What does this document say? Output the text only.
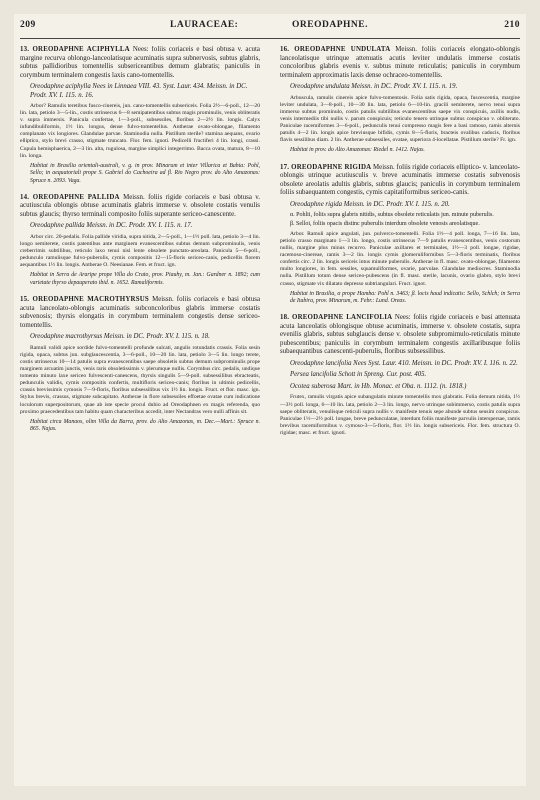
209	LAURACEAE:	OREODAPHNE.	210

13. OREODAPHNE ACIPHYLLA Nees: foliis coriaceis e basi obtusa v. acuta margine recurva oblongo-lanceolatisque acuminatis supra subnervosis, subtus glabris, subtus pallidioribus tomentellis subsericeantibus demum glabratis; paniculis in corymbum terminalem congestis laxis cano-tomentellis.

Oreodaphne aciphylla Nees in Linnaea VIII. 43. Syst. Laur. 434. Meissn. in DC. Prodr. XV. I. 115. n. 16.

Arbor? Ramulis teretibus fusco-cinereis, jun. cano-tomentellis subsericeis. Folia 2½—6-poll., 12—20 lin. lata, petiolo 3—5-lin., costis utrinsecus 6—8 semipatentibus subtus magis prominulis, venis obliteratis v. supra immersis. Panicula confertae, 1—3-poll., subsessiles, floribus 2—2½ lin. longis. Calyx infundibuliformis, 1½ lin. longus, dense fulvo-tomentellus. Antherae ovato-oblongae, filamento complanato vix longiores. Glandulae parvae. Staminodia nulla. Pistillum sterile? stamina aequans, ovario elliptico, stylo brevi crasso, stigmate truncato. Flor. fem. ignoti. Pedicelli fructiferi 4 lin. longi, crassi. Cupula hemisphaerica, 2—3 lin. alta, rugulosa, margine simplici integerrimo. Bacca ovata, matura, 8—10 lin. longa.

Habitat in Brasilia orientali-australi, v. g. in prov. Minarum et inter Villarica et Bahia: Pohl, Sello; in aequatoriali prope S. Gabriel do Cachoeira ad fl. Rio Negro prov. do Alto Amazonas: Spruce n. 2093. Vaga.

14. OREODAPHNE PALLIDA Meissn. foliis rigide coriaceis e basi obtusa v. acutiuscula oblongis obtuse acuminatis glabris immerse v. obsolete costatis venulis subtus glaucis; thyrso terminali composito foliis superante sericeo-canescente.

Oreodaphne pallida Meissn. in DC. Prodr. XV. I. 115. n. 17.

Arbor circ. 20-pedalis. Folia pallide viridia, supra nitida, 2—5-poll., 1—1½ poll. lata, petiolo 3—4 lin. longo semiterete, costis patentibus ante marginem evanescentibus subtus demum subprominulis, venis creberrimis subtilibus, reticulo laxo tenui nisi lente obsolete punctato-areolata. Panicula 5—6-poll., pedunculo ramulisque fulvo-puberulis, cymis compositis 12—15-floris sericeo-canis, pedicellis florem aequantibus 1½ lin. longis. Antherae O. Neesianae. Fem. et fruct. ign.

Habitat in Serra de Araripe prope Villa do Crato, prov. Piauhy, m. Jan.: Gardner n. 1892; cum varietate thyrso depauperato ibid. n. 1652. Ramaliformis.

15. OREODAPHNE MACROTHYRSUS Meissn. foliis coriaceis e basi obtusa acuta lanceolato-oblongis acuminatis subconcoloribus glabris immerse costatis subvenosis; thyrsis elongatis in corymbum terminalem congestis dense sericeo-tomentellis.

Oreodaphne macrothyrsus Meissn. in DC. Prodr. XV. I. 115. n. 18.

Ramuli validi apice sordide fulvo-tomentelli profunde sulcati, angulis rotundatis crassis. Folia sesin rigida, opaca, subtus jun. subglaucescentia, 3—6-poll., 10—20 lin. lata, petiolo 3—5 lin. longo terete, costis utrinsecus 10—14 patulis supra evanescentibus saepe obsoletis subtus demum subprominulis prope marginem arcuatim junctis, venis raris obsoletissimis v. plerumque nullis. Corymbus circ. pedalis, undique tomento minuto laxe sericeo fulvescenti-canescens, thyrsis singulis 5—9-poll. subsessilibus ebracteatis, pedunculis validis, cymis compositis confertis, multifloris sericeo-canis; floribus in ultimis pedicellis, crassis brevissimis cymosis 7—9-floris, floribus subsessilibus vix 1½ lin. longis. Fruct. et flor. masc. ign. Stylus brevis, crassus, stigmate subcapitato. Antherae in flore subsessiles effoetae ovatae cum indicatione loculorum superpositorum, quae ab iste specie procul dubio ad Oreodaphnen ex magis referenda, quo proximo praecedentibus tam habitu quam characteribus accedit, inter Nectandras vero nulli affinis sit.

Habitat circa Manaos, olim Villa da Barra, prov. do Alto Amazonas, m. Dec.—Mart.: Spruce n. 865. Najas.

16. OREODAPHNE UNDULATA Meissn. foliis coriaceis elongato-oblongis lanceolatisque utrinque attenuatis acutis leviter undulatis immerse costatis concoloribus glabris evenis v. subtus minute reticulatis; paniculis in corymbum terminalem approximatis laxis dense ochraceo-tomentellis.

Oreodaphne undulata Meissn. in DC. Prodr. XV. I. 115. n. 19.

Arbuscula, ramulis cinereis apice fulvo-tomentosis. Folia satis rigida, opaca, fuscescentia, margine leviter undulata, 3—8-poll., 10—30 lin. lata, petiolo 6—10-lin. gracili semiterete, nervo tenui supra immerso subtus prominulo, costis patulis subtilibus evanescentibus saepe vix conspicuis, axillis nudis, venis intermediis tibi nullis v. parum conspicuis; reticulo tenero utrinque subtus conspicuo v. obliterato. Paniculae racemiformes 3—6-poll., pedunculis tenui compresso magis fere a basi ramoso, ramis alternis patulis 4—2 lin. longis apice breviusque bifidis, cymis 8—5-floris, bracteis ovalibus caducis, floribus flavis sessilibus diam. 2 lin. Antherae subsessiles, ovatae, superiora 4-locellatae. Pistillum sterile? Fr. ign.

Habitat in prov. do Alto Amazonas: Riedel n. 1412. Najas.

17. OREODAPHNE RIGIDA Meissn. foliis rigide coriaceis ellipticо- v. lanceolato-oblongis utrinque acutiusculis v. breve acuminatis immerse costatis subvenosis obsolete areolatis adultis glabris, subtus glaucis; paniculis in corymbum terminalem foliis subaequantem congestis, cymis capitatiformibus sericeo-canis.

Oreodaphne rigida Meissn. in DC. Prodr. XV. I. 115. n. 20.

α. Pohlii, foliis supra glabris nitidis, subtus obsolete reticulatis jun. minute puberulis.

β. Selloi, foliis opacis distinc puberulis interdum obsolete venosis areolatisque.

Arbor. Ramuli apice angulati, jun. pulverco-tomentelli. Folia 1½—4 poll. longa, 7—16 lin. lata, petiolo crasso marginato 1—3 lin. longo, costis utrinsecus 7—9 patulis evanescentibus, venis costorum nullis, margine plus minus recurvo. Paniculae axillares et terminales, 1½—3 poll. longae, rigidae, racemoso-cinereae, ramis 3—2 lin. longis cymis glomeruliformibus 5—3-floris terminatis, floribus confertis circ. 2 lin. longis sericeis intus minute puberulis. Antherae in fl. masc. ovato-oblongae, filamento multo longiores, in fem. sessiles, squamuliformes, ovarie, parvulae. Glandulae mediocres. Staminodia nulla. Pistillum totum dense sericeo-pubescens (in fl. masc. sterile, lacunis, ovario glabro, stylo brevi crasso, stigmate vix dilatato depresso subtriangulari. Fruct. ignot.

Habitat in Brasilia, α prope Hamba: Pohl n. 3463; β. locis haud indicatis: Sello, Schlch; in Serra de Itabira, prov. Minarum, m. Febr.: Lund. Oreas.

18. OREODAPHNE LANCIFOLIA Nees: foliis rigide coriaceis e basi attenuata acuta lanceolatis oblongisque obtuse acuminatis, immerse v. obsolete costatis, supra evenilis glabris, subtus subglaucis dense v. obsolete subpromimulo-reticulatis minute pubescentibus; paniculis in corymbum terminalem congestis axillaribusque foliis subaequantibus canescenti-puberulis, floribus subsessilibus.

Oreodaphne lancifolia Nees Syst. Laur. 410. Meissn. in DC. Prodr. XV. I. 116. n. 22.

Persea lancifolia Schott in Spreng. Cur. post. 405.

Ocotea suberosa Mart. in Hb. Monac. et Oba. n. 1112. (n. 1818.)

Frutex, ramulis virgatis apice subangulatis minute tomentellis mox glabratis. Folia demum nitida, 1½—3½ poll. longa, 6—10 lin. lata, petiolo 2—3 lin. longo, nervo utrinque subimmerso, costis patulis supra saepe obliteratis, venulisque reticuli supra nullis v. manifeste tenuis sepe abunde subtus sensim conspicuo. Paniculae 1½—2½ poll. longae, breve pedunculatae, interdum foliis manifeste parvulis interspersae, ramis brevibus racemiformibus v. cymoso-3—5-floris, flor. 1½ lin. longis subsericeis. Flor. fem. structura O. rigidae; masc. et fruct. ignoti.
